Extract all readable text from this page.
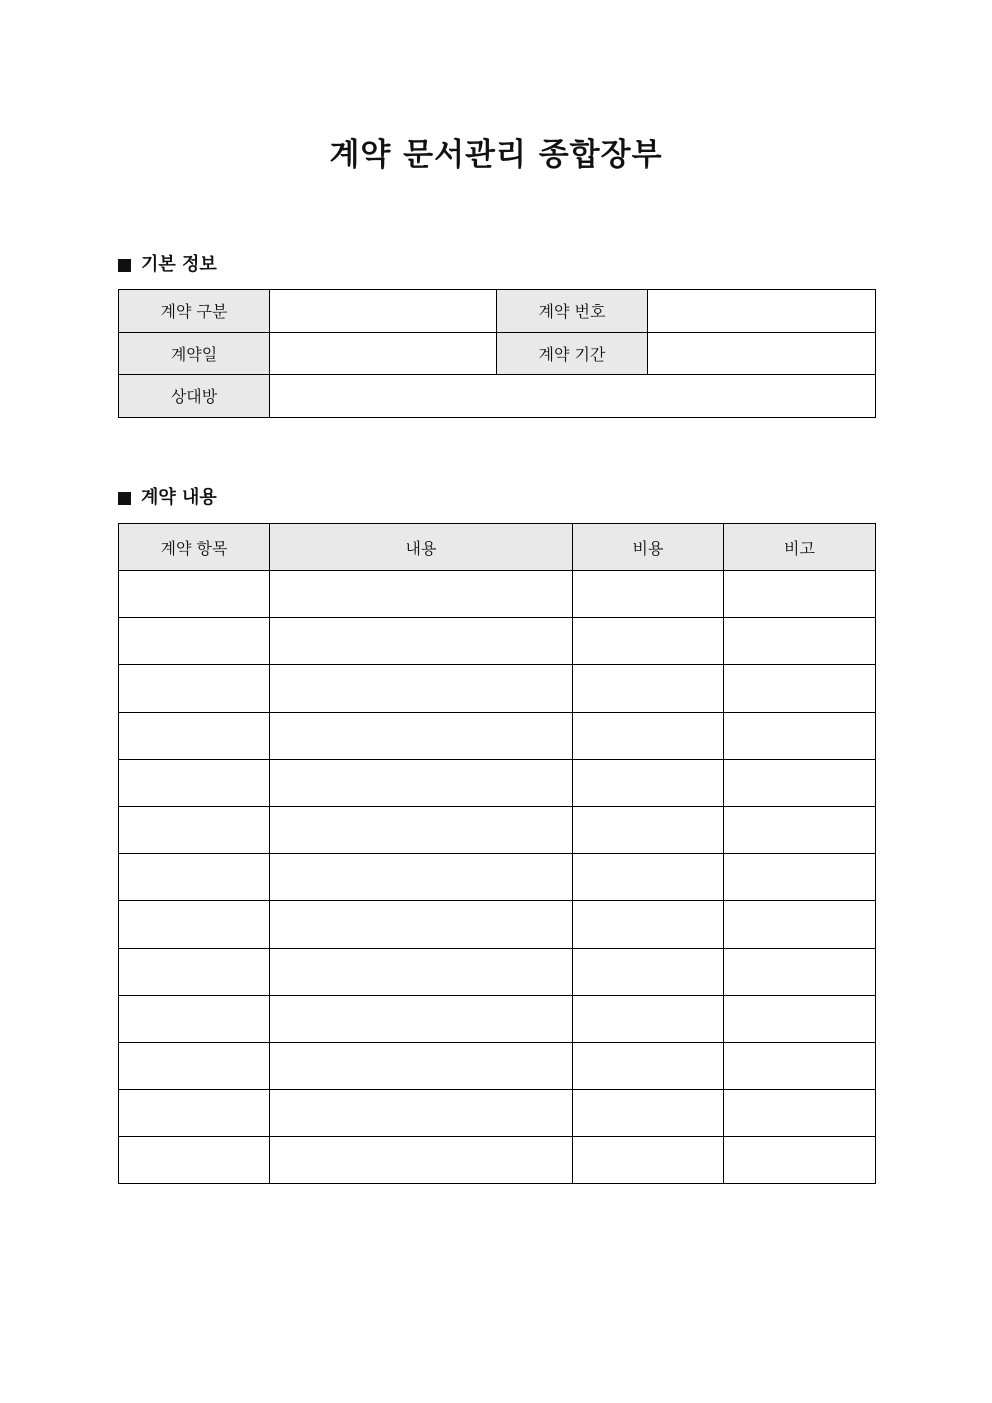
계약 문서관리 종합장부
기본 정보
계약 구분		계약 번호	
계약일		계약 기간	
상대방			
계약 내용
계약 항목	내용	비용	비고
